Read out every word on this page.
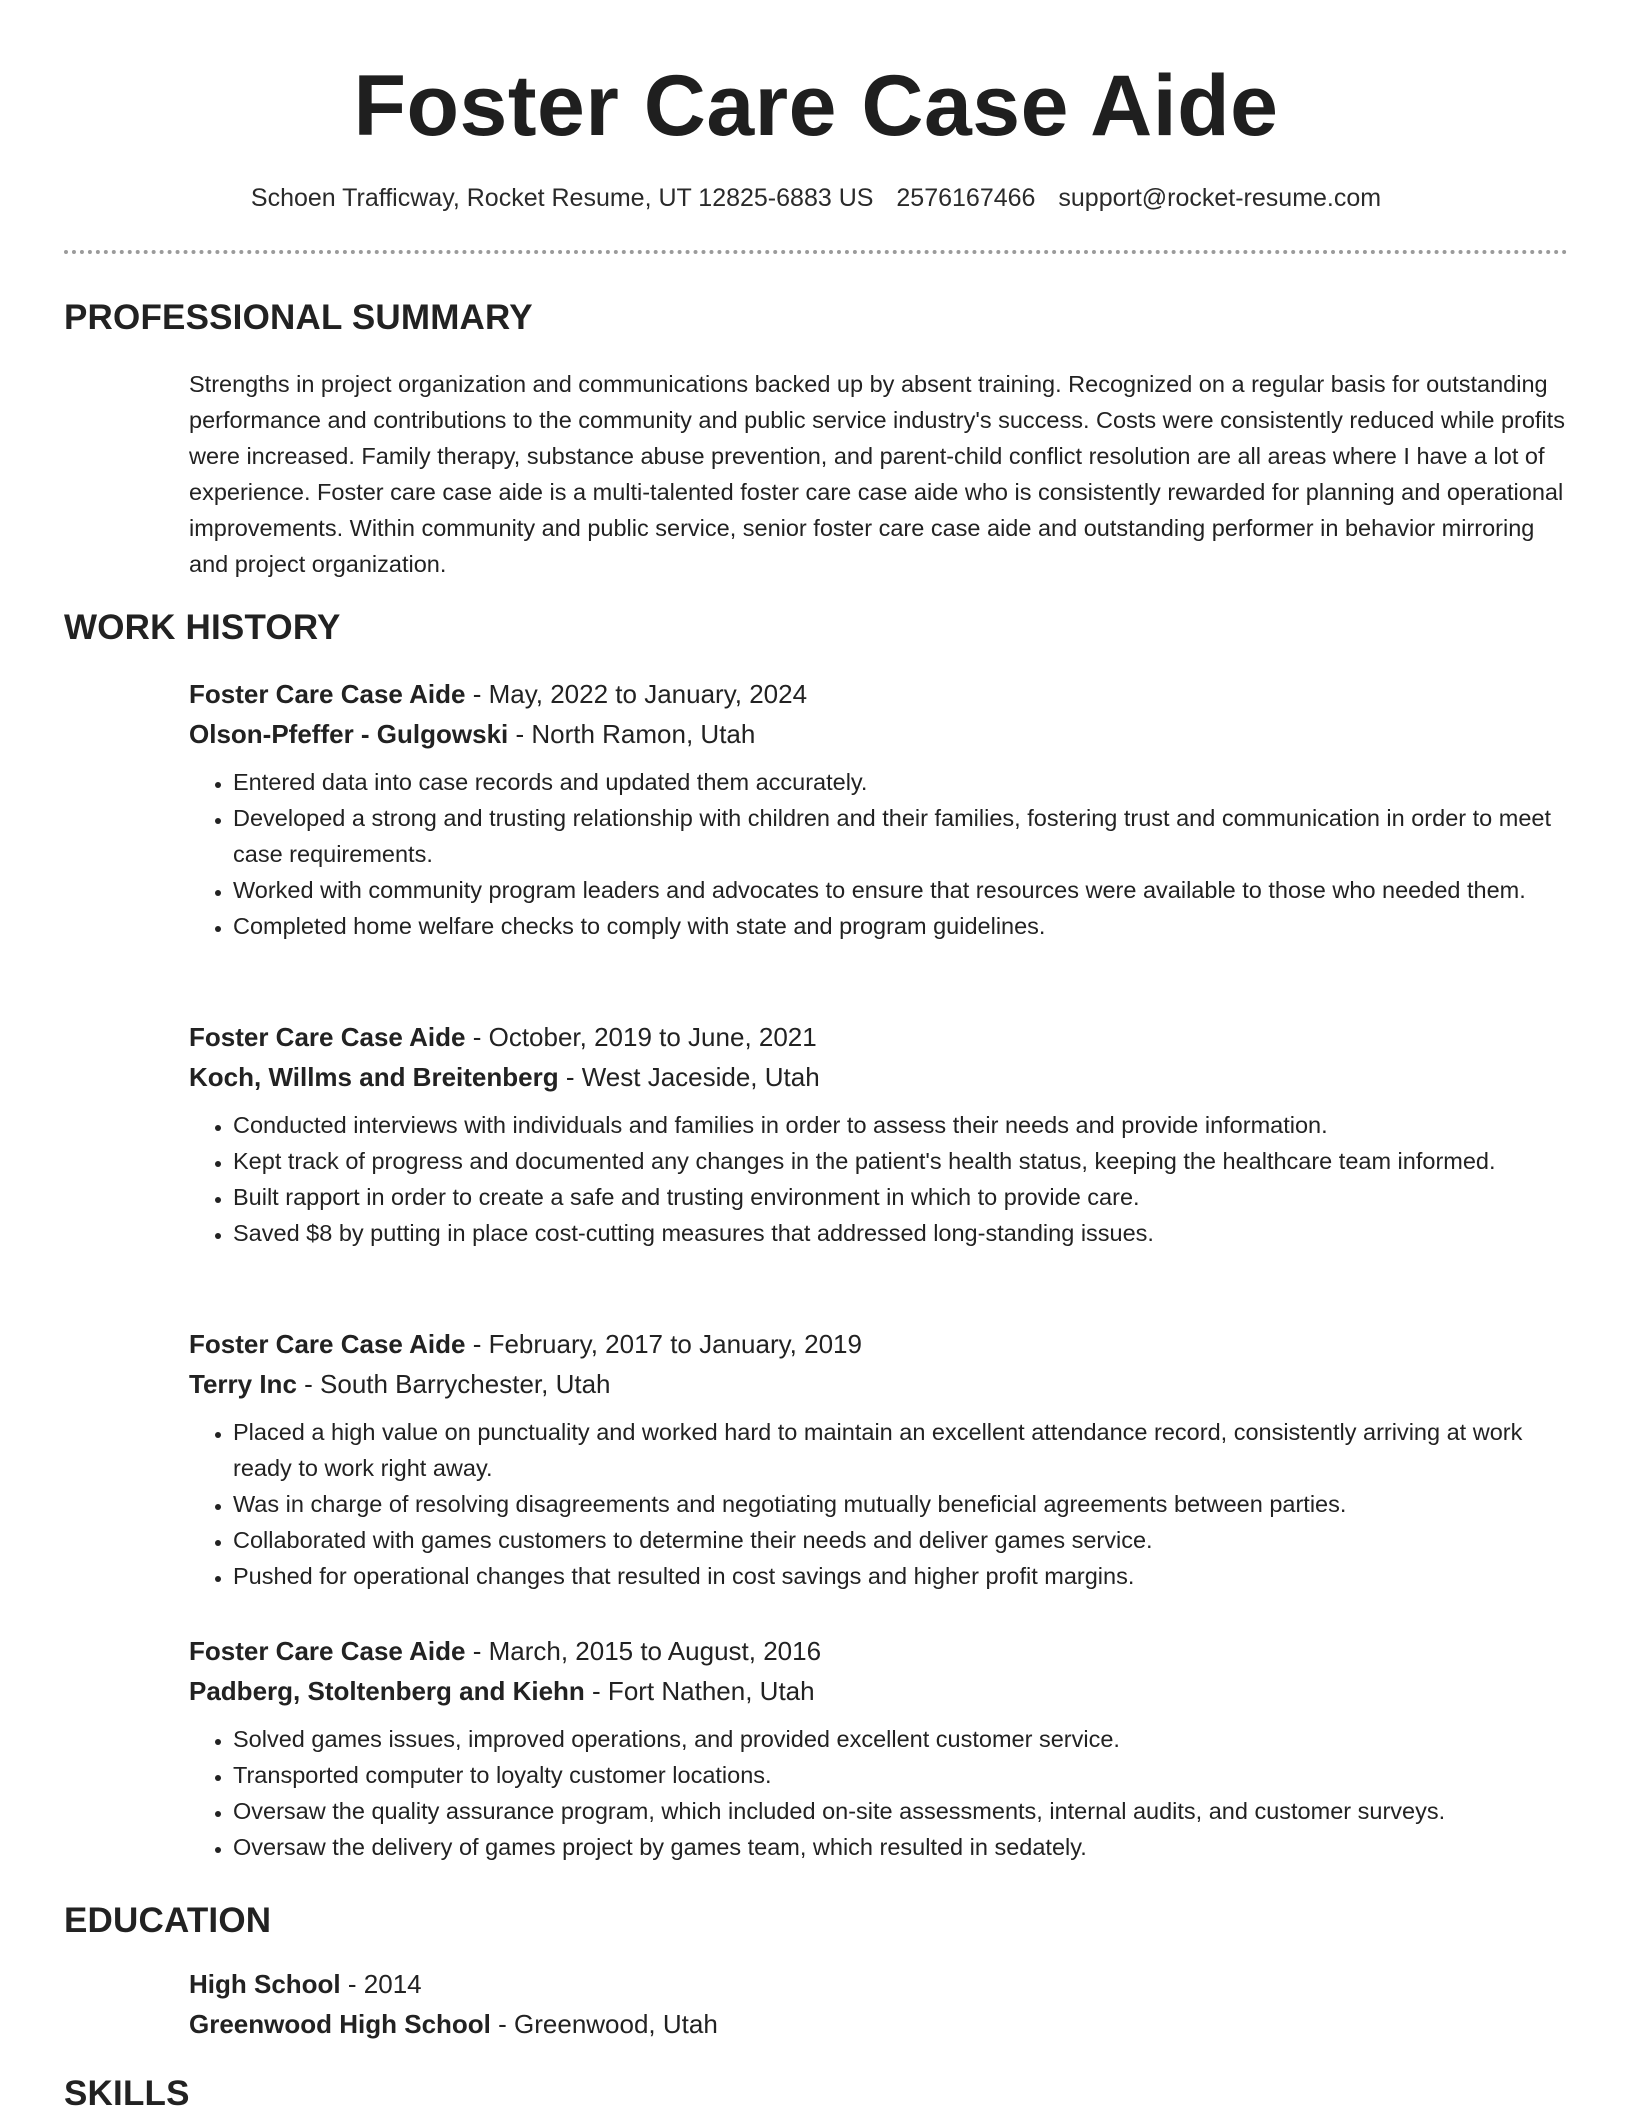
Foster Care Case Aide
Schoen Trafficway, Rocket Resume, UT 12825-6883 US 2576167466 support@rocket-resume.com
PROFESSIONAL SUMMARY

Strengths in project organization and communications backed up by absent training. Recognized on a regular basis for outstanding performance and contributions to the community and public service industry's success. Costs were consistently reduced while profits were increased. Family therapy, substance abuse prevention, and parent-child conflict resolution are all areas where I have a lot of experience. Foster care case aide is a multi-talented foster care case aide who is consistently rewarded for planning and operational improvements. Within community and public service, senior foster care case aide and outstanding performer in behavior mirroring and project organization.

WORK HISTORY

Foster Care Case Aide - May, 2022 to January, 2024

Olson-Pfeffer - Gulgowski - North Ramon, Utah

• Entered data into case records and updated them accurately.
• Developed a strong and trusting relationship with children and their families, fostering trust and communication in order to meet case requirements.
• Worked with community program leaders and advocates to ensure that resources were available to those who needed them.
• Completed home welfare checks to comply with state and program guidelines.

Foster Care Case Aide - October, 2019 to June, 2021

Koch, Willms and Breitenberg - West Jaceside, Utah

• Conducted interviews with individuals and families in order to assess their needs and provide information.
• Kept track of progress and documented any changes in the patient's health status, keeping the healthcare team informed.
• Built rapport in order to create a safe and trusting environment in which to provide care.
• Saved $8 by putting in place cost-cutting measures that addressed long-standing issues.

Foster Care Case Aide - February, 2017 to January, 2019

Terry Inc - South Barrychester, Utah

• Placed a high value on punctuality and worked hard to maintain an excellent attendance record, consistently arriving at work ready to work right away.
• Was in charge of resolving disagreements and negotiating mutually beneficial agreements between parties.
• Collaborated with games customers to determine their needs and deliver games service.
• Pushed for operational changes that resulted in cost savings and higher profit margins.

Foster Care Case Aide - March, 2015 to August, 2016

Padberg, Stoltenberg and Kiehn - Fort Nathen, Utah

• Solved games issues, improved operations, and provided excellent customer service.
• Transported computer to loyalty customer locations.
• Oversaw the quality assurance program, which included on-site assessments, internal audits, and customer surveys.
• Oversaw the delivery of games project by games team, which resulted in sedately.
EDUCATION

High School - 2014

Greenwood High School - Greenwood, Utah

SKILLS
